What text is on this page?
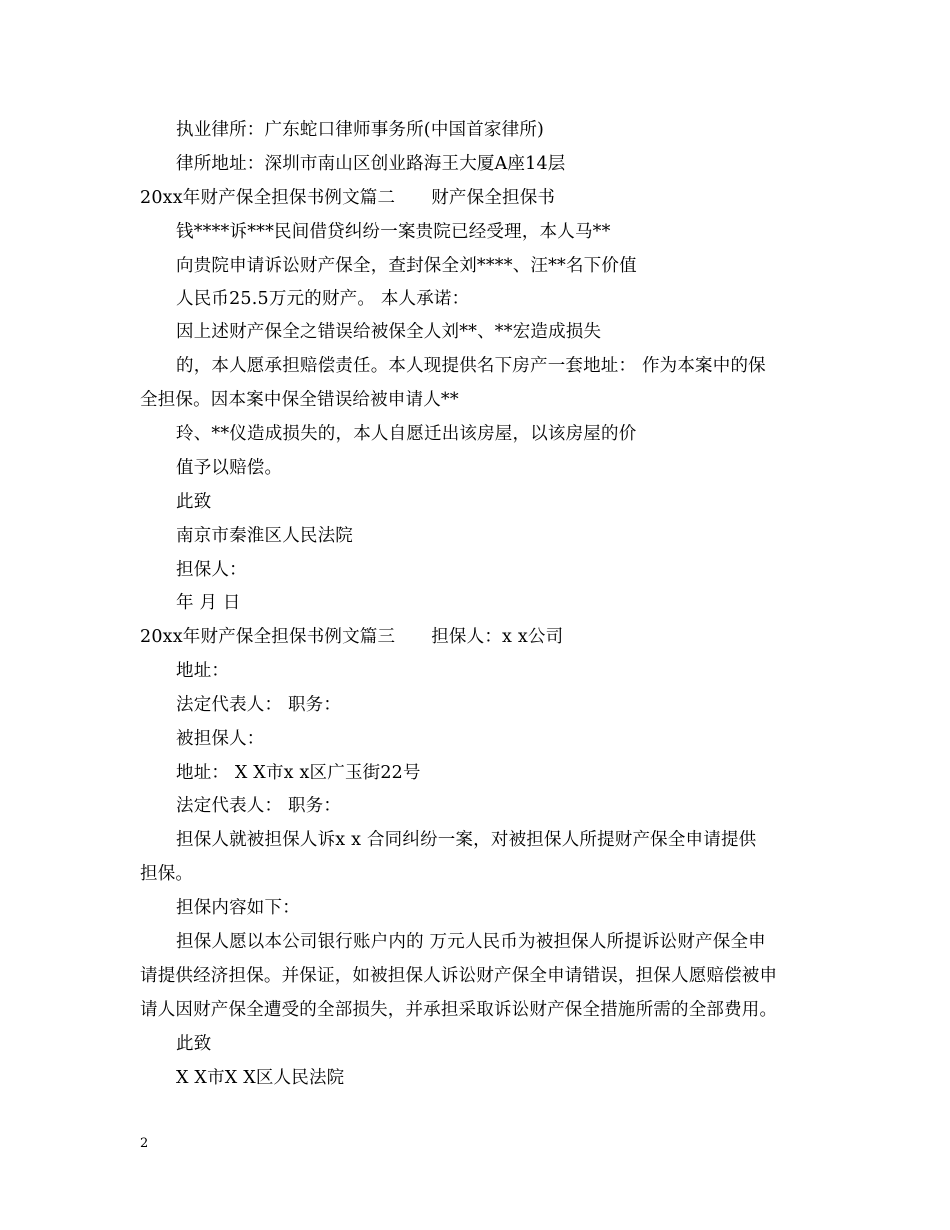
执业律所：广东蛇口律师事务所(中国首家律所)
律所地址：深圳市南山区创业路海王大厦A座14层
20xx年财产保全担保书例文篇二 财产保全担保书
钱****诉***民间借贷纠纷一案贵院已经受理，本人马**
向贵院申请诉讼财产保全，查封保全刘****、汪**名下价值
人民币25.5万元的财产。 本人承诺：
因上述财产保全之错误给被保全人刘**、**宏造成损失
的，本人愿承担赔偿责任。本人现提供名下房产一套地址： 作为本案中的保
全担保。因本案中保全错误给被申请人**
玲、**仪造成损失的，本人自愿迁出该房屋，以该房屋的价
值予以赔偿。
此致
南京市秦淮区人民法院
担保人：
年 月 日
20xx年财产保全担保书例文篇三 担保人：x x公司
地址：
法定代表人： 职务：
被担保人：
地址： X X市x x区广玉街22号
法定代表人： 职务：
担保人就被担保人诉x x 合同纠纷一案，对被担保人所提财产保全申请提供
担保。
担保内容如下：
担保人愿以本公司银行账户内的 万元人民币为被担保人所提诉讼财产保全申
请提供经济担保。并保证，如被担保人诉讼财产保全申请错误，担保人愿赔偿被申
请人因财产保全遭受的全部损失，并承担采取诉讼财产保全措施所需的全部费用。
此致
X X市X X区人民法院
2
